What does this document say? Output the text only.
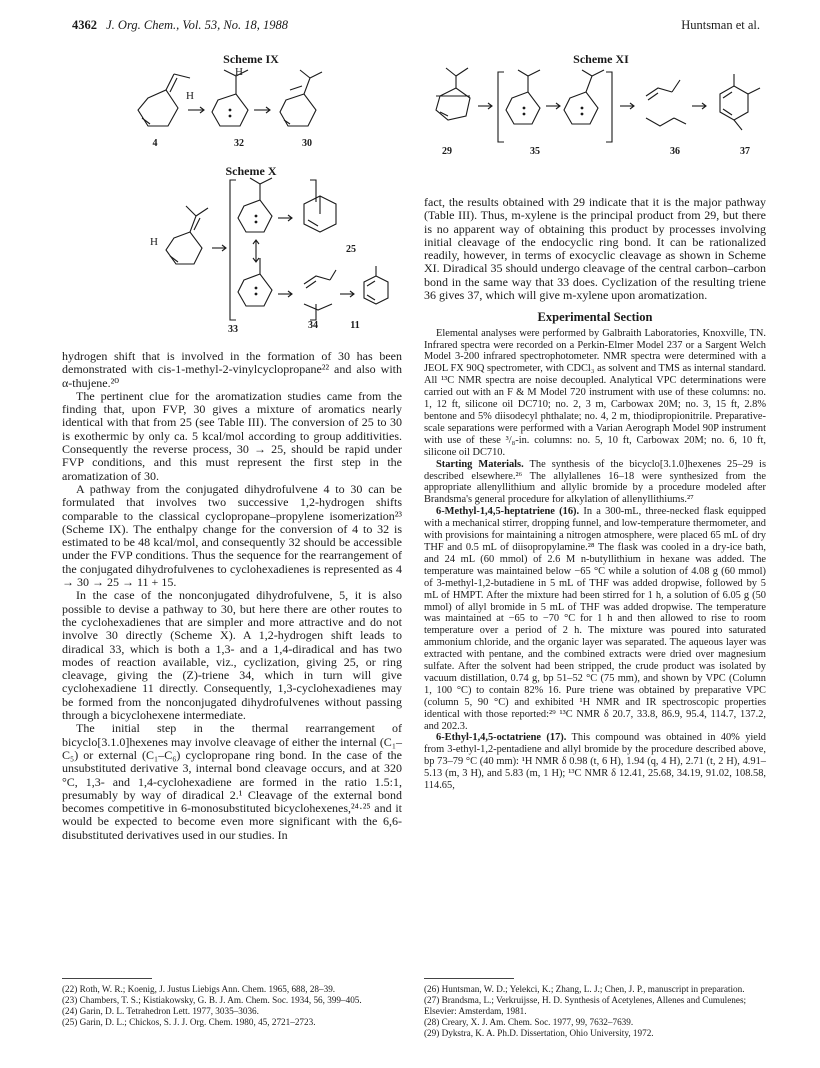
4362 J. Org. Chem., Vol. 53, No. 18, 1988	Huntsman et al.
Scheme IX
H
H
4	32	30
Scheme X
H
25
33	34	11
Scheme XI
29	35	36	37

hydrogen shift that is involved in the formation of 30 has been demonstrated with cis-1-methyl-2-vinylcyclopropane²² and also with α-thujene.²⁰

The pertinent clue for the aromatization studies came from the finding that, upon FVP, 30 gives a mixture of aromatics nearly identical with that from 25 (see Table III). The conversion of 25 to 30 is exothermic by only ca. 5 kcal/mol according to group additivities. Consequently the reverse process, 30 → 25, should be rapid under FVP conditions, and this must represent the first step in the aromatization of 30.

A pathway from the conjugated dihydrofulvene 4 to 30 can be formulated that involves two successive 1,2-hydrogen shifts comparable to the classical cyclopropane–propylene isomerization²³ (Scheme IX). The enthalpy change for the conversion of 4 to 32 is estimated to be 48 kcal/mol, and consequently 32 should be accessible under the FVP conditions. Thus the sequence for the rearrangement of the conjugated dihydrofulvenes to cyclohexadienes is represented as 4 → 30 → 25 → 11 + 15.

In the case of the nonconjugated dihydrofulvene, 5, it is also possible to devise a pathway to 30, but here there are other routes to the cyclohexadienes that are simpler and more attractive and do not involve 30 directly (Scheme X). A 1,2-hydrogen shift leads to diradical 33, which is both a 1,3- and a 1,4-diradical and has two modes of reaction available, viz., cyclization, giving 25, or ring cleavage, giving the (Z)-triene 34, which in turn will give cyclohexadiene 11 directly. Consequently, 1,3-cyclohexadienes may be formed from the nonconjugated dihydrofulvenes without passing through a bicyclohexene intermediate.

The initial step in the thermal rearrangement of bicyclo[3.1.0]hexenes may involve cleavage of either the internal (C₁–C₅) or external (C₁–C₆) cyclopropane ring bond. In the case of the unsubstituted derivative 3, internal bond cleavage occurs, and at 320 °C, 1,3- and 1,4-cyclohexadiene are formed in the ratio 1.5:1, presumably by way of diradical 2.¹ Cleavage of the external bond becomes competitive in 6-monosubstituted bicyclohexenes,²⁴·²⁵ and it would be expected to become even more significant with the 6,6-disubstituted derivatives used in our studies. In

fact, the results obtained with 29 indicate that it is the major pathway (Table III). Thus, m-xylene is the principal product from 29, but there is no apparent way of obtaining this product by processes involving initial cleavage of the endocyclic ring bond. It can be rationalized readily, however, in terms of exocyclic cleavage as shown in Scheme XI. Diradical 35 should undergo cleavage of the central carbon–carbon bond in the same way that 33 does. Cyclization of the resulting triene 36 gives 37, which will give m-xylene upon aromatization.

Experimental Section

Elemental analyses were performed by Galbraith Laboratories, Knoxville, TN. Infrared spectra were recorded on a Perkin-Elmer Model 237 or a Sargent Welch Model 3-200 infrared spectrophotometer. NMR spectra were determined with a JEOL FX 90Q spectrometer, with CDCl₃ as solvent and TMS as internal standard. All ¹³C NMR spectra are noise decoupled. Analytical VPC determinations were carried out with an F & M Model 720 instrument with use of these columns: no. 1, 12 ft, silicone oil DC710; no. 2, 3 m, Carbowax 20M; no. 3, 15 ft, 2.8% bentone and 5% diisodecyl phthalate; no. 4, 2 m, thiodipropionitrile. Preparative-scale separations were performed with a Varian Aerograph Model 90P instrument with use of these ³/₈-in. columns: no. 5, 10 ft, Carbowax 20M; no. 6, 10 ft, silicone oil DC710.

Starting Materials. The synthesis of the bicyclo[3.1.0]hexenes 25–29 is described elsewhere.²⁶ The allylallenes 16–18 were synthesized from the appropriate allenyllithium and allylic bromide by a procedure modeled after Brandsma's general procedure for alkylation of allenyllithiums.²⁷

6-Methyl-1,4,5-heptatriene (16). In a 300-mL, three-necked flask equipped with a mechanical stirrer, dropping funnel, and low-temperature thermometer, and with provisions for maintaining a nitrogen atmosphere, were placed 65 mL of dry THF and 0.5 mL of diisopropylamine.²⁸ The flask was cooled in a dry-ice bath, and 24 mL (60 mmol) of 2.6 M n-butyllithium in hexane was added. The temperature was maintained below −65 °C while a solution of 4.08 g (60 mmol) of 3-methyl-1,2-butadiene in 5 mL of THF was added dropwise, followed by 5 mL of HMPT. After the mixture had been stirred for 1 h, a solution of 6.05 g (50 mmol) of allyl bromide in 5 mL of THF was added dropwise. The temperature was maintained at −65 to −70 °C for 1 h and then allowed to rise to room temperature over a period of 2 h. The mixture was poured into saturated ammonium chloride, and the organic layer was separated. The aqueous layer was extracted with pentane, and the combined extracts were dried over magnesium sulfate. After the solvent had been stripped, the crude product was isolated by vacuum distillation, 0.74 g, bp 51–52 °C (75 mm), and shown by VPC (Column 1, 100 °C) to contain 82% 16. Pure triene was obtained by preparative VPC (column 5, 90 °C) and exhibited ¹H NMR and IR spectroscopic properties identical with those reported:²⁹ ¹³C NMR δ 20.7, 33.8, 86.9, 95.4, 114.7, 137.2, and 202.3.

6-Ethyl-1,4,5-octatriene (17). This compound was obtained in 40% yield from 3-ethyl-1,2-pentadiene and allyl bromide by the procedure described above, bp 73–79 °C (40 mm): ¹H NMR δ 0.98 (t, 6 H), 1.94 (q, 4 H), 2.71 (t, 2 H), 4.91–5.13 (m, 3 H), and 5.83 (m, 1 H); ¹³C NMR δ 12.41, 25.68, 34.19, 91.02, 108.58, 114.65,

(22) Roth, W. R.; Koenig, J. Justus Liebigs Ann. Chem. 1965, 688, 28–39.
(23) Chambers, T. S.; Kistiakowsky, G. B. J. Am. Chem. Soc. 1934, 56, 399–405.
(24) Garin, D. L. Tetrahedron Lett. 1977, 3035–3036.
(25) Garin, D. L.; Chickos, S. J. J. Org. Chem. 1980, 45, 2721–2723.
(26) Huntsman, W. D.; Yelekci, K.; Zhang, L. J.; Chen, J. P., manuscript in preparation.
(27) Brandsma, L.; Verkruijsse, H. D. Synthesis of Acetylenes, Allenes and Cumulenes; Elsevier: Amsterdam, 1981.
(28) Creary, X. J. Am. Chem. Soc. 1977, 99, 7632–7639.
(29) Dykstra, K. A. Ph.D. Dissertation, Ohio University, 1972.
